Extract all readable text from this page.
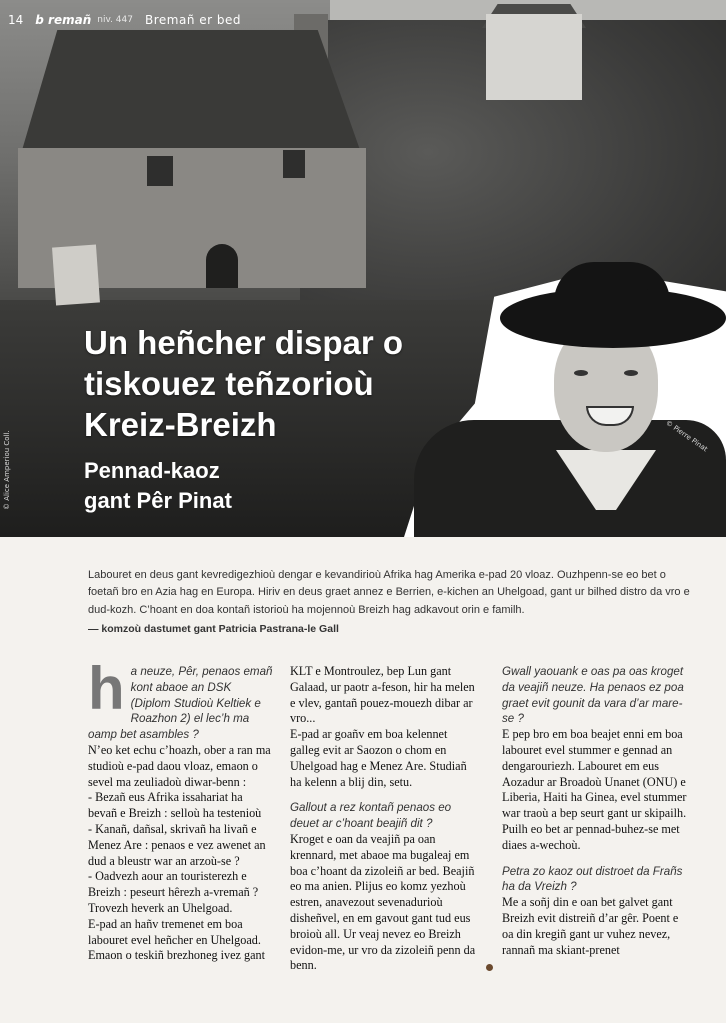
14 b remañ niv. 447 Bremañ er bed
Un heñcher dispar o
tiskouez teñzorioù
Kreiz-Breizh
Pennad-kaoz
gant Pêr Pinat
© Alice Amperiou Coll.	© Pierre Pinat
Labouret en deus gant kevredigezhioù dengar e kevandirioù Afrika hag Amerika e-pad 20 vloaz. Ouzhpenn-se eo bet o foetañ bro en Azia hag en Europa. Hiriv en deus graet annez e Berrien, e-kichen an Uhelgoad, gant ur bilhed distro da vro e dud-kozh. C’hoant en doa kontañ istorioù ha mojennoù Breizh hag adkavout orin e familh.
— komzoù dastumet gant Patricia Pastrana-le Gall
h a neuze, Pêr, penaos emañ kont abaoe an DSK (Diplom Studioù Keltiek e Roazhon 2) el lec’h ma oamp bet asambles ?

N’eo ket echu c’hoazh, ober a ran ma studioù e-pad daou vloaz, emaon o sevel ma zeuliadoù diwar-benn :

- Bezañ eus Afrika issahariat ha bevañ e Breizh : selloù ha testenioù

- Kanañ, dañsal, skrivañ ha livañ e Menez Are : penaos e vez awenet an dud a bleustr war an arzoù-se ?

- Oadvezh aour an touristerezh e Breizh : peseurt hêrezh a-vremañ ? Trovezh heverk an Uhelgoad.

E-pad an hañv tremenet em boa labouret evel heñcher en Uhelgoad. Emaon o teskiñ brezhoneg ivez gant

KLT e Montroulez, bep Lun gant Galaad, ur paotr a-feson, hir ha melen e vlev, gantañ pouez-mouezh dibar ar vro...

E-pad ar goañv em boa kelennet galleg evit ar Saozon o chom en Uhelgoad hag e Menez Are. Studiañ ha kelenn a blij din, setu.

Gallout a rez kontañ penaos eo deuet ar c’hoant beajiñ dit ?

Kroget e oan da veajiñ pa oan krennard, met abaoe ma bugaleaj em boa c’hoant da zizoleiñ ar bed. Beajiñ eo ma anien. Plijus eo komz yezhoù estren, anavezout sevenadurioù disheñvel, en em gavout gant tud eus broioù all. Ur veaj nevez eo Breizh evidon-me, ur vro da zizoleiñ penn da benn.

Gwall yaouank e oas pa oas kroget da veajiñ neuze. Ha penaos ez poa graet evit gounit da vara d’ar mare-se ?

E pep bro em boa beajet enni em boa labouret evel stummer e gennad an dengarouriezh. Labouret em eus Aozadur ar Broadoù Unanet (ONU) e Liberia, Haiti ha Ginea, evel stummer war traoù a bep seurt gant ur skipailh. Puilh eo bet ar pennad-buhez-se met diaes a-wechoù.

Petra zo kaoz out distroet da Frañs ha da Vreizh ?

Me a soñj din e oan bet galvet gant Breizh evit distreiñ d’ar gêr. Poent e oa din kregiñ gant ur vuhez nevez, rannañ ma skiant-prenet
